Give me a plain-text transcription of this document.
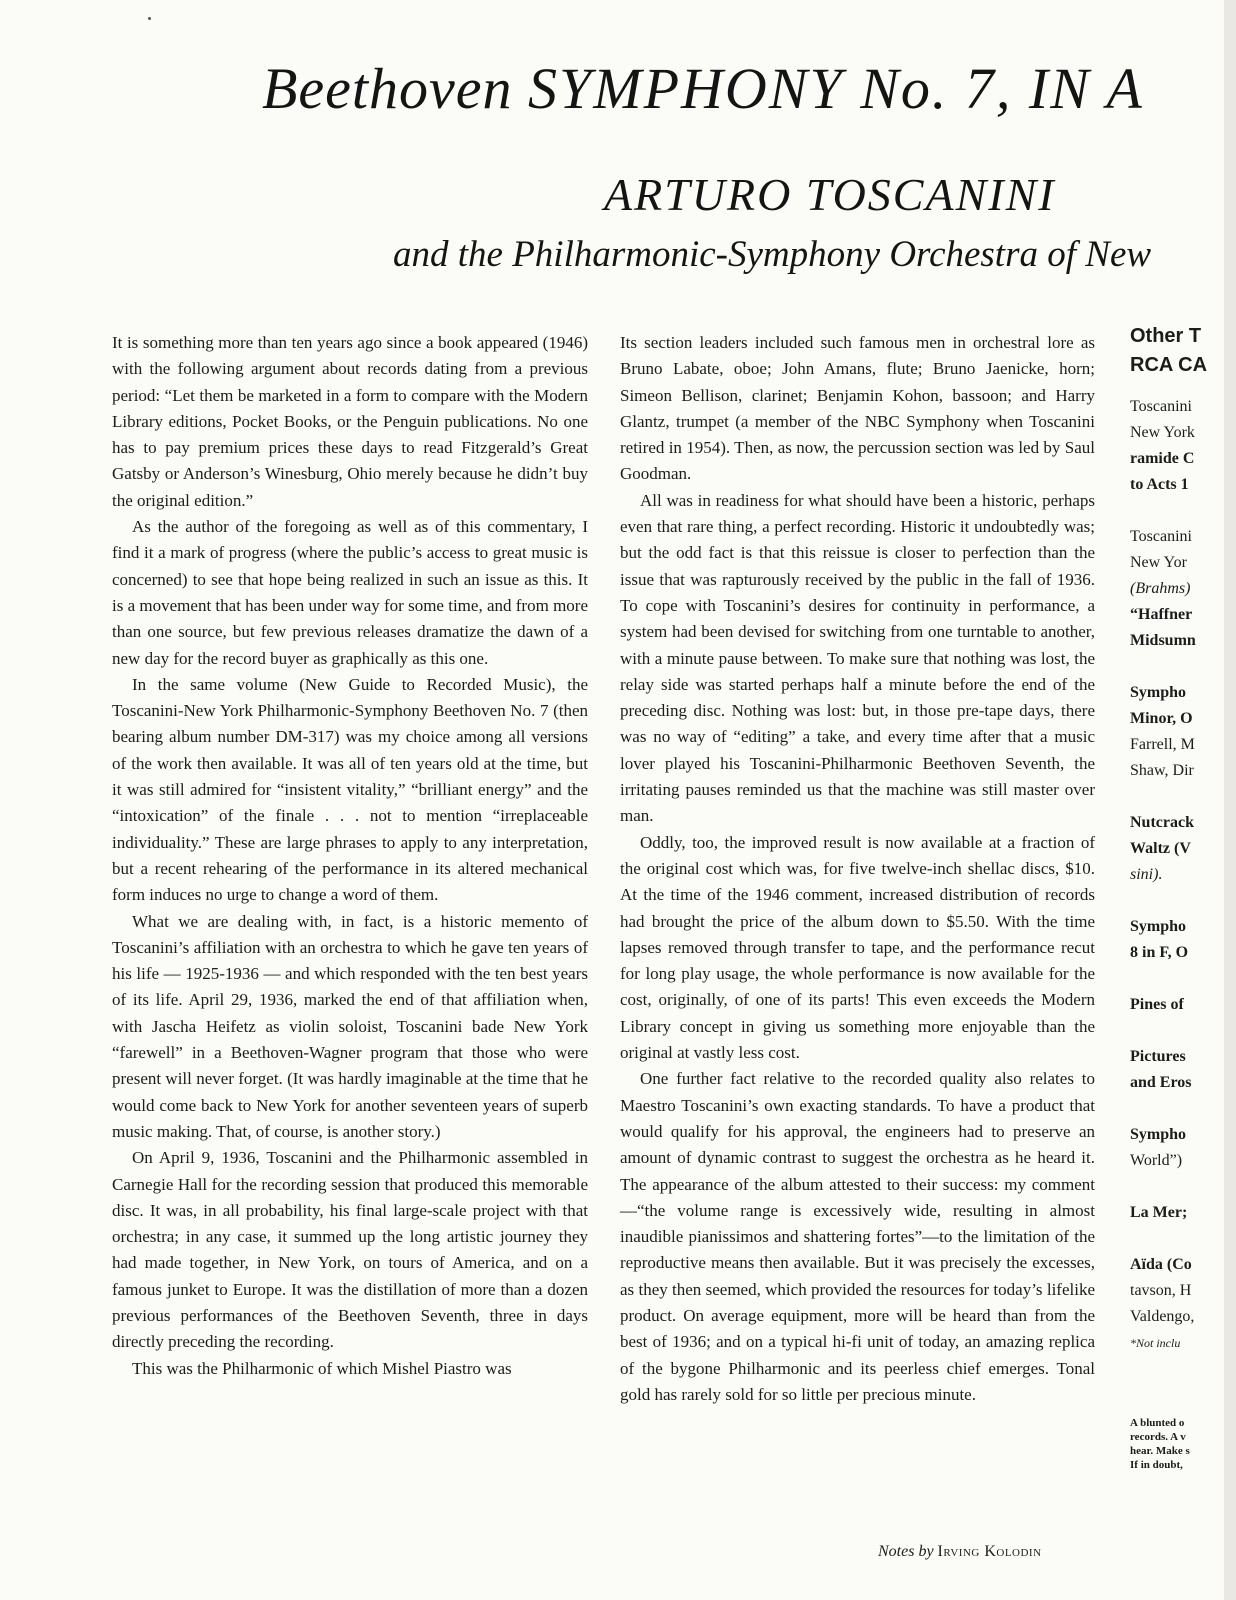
Beethoven SYMPHONY No. 7, IN A
ARTURO TOSCANINI
and the Philharmonic-Symphony Orchestra of New

It is something more than ten years ago since a book appeared (1946) with the following argument about records dating from a previous period: “Let them be marketed in a form to compare with the Modern Library editions, Pocket Books, or the Penguin publications. No one has to pay premium prices these days to read Fitzgerald’s Great Gatsby or Anderson’s Winesburg, Ohio merely because he didn’t buy the original edition.”

As the author of the foregoing as well as of this commentary, I find it a mark of progress (where the public’s access to great music is concerned) to see that hope being realized in such an issue as this. It is a movement that has been under way for some time, and from more than one source, but few previous releases dramatize the dawn of a new day for the record buyer as graphically as this one.

In the same volume (New Guide to Recorded Music), the Toscanini-New York Philharmonic-Symphony Beethoven No. 7 (then bearing album number DM-317) was my choice among all versions of the work then available. It was all of ten years old at the time, but it was still admired for “insistent vitality,” “brilliant energy” and the “intoxication” of the finale . . . not to mention “irreplaceable individuality.” These are large phrases to apply to any interpretation, but a recent rehearing of the performance in its altered mechanical form induces no urge to change a word of them.

What we are dealing with, in fact, is a historic memento of Toscanini’s affiliation with an orchestra to which he gave ten years of his life — 1925-1936 — and which responded with the ten best years of its life. April 29, 1936, marked the end of that affiliation when, with Jascha Heifetz as violin soloist, Toscanini bade New York “farewell” in a Beethoven-Wagner program that those who were present will never forget. (It was hardly imaginable at the time that he would come back to New York for another seventeen years of superb music making. That, of course, is another story.)

On April 9, 1936, Toscanini and the Philharmonic assembled in Carnegie Hall for the recording session that produced this memorable disc. It was, in all probability, his final large-scale project with that orchestra; in any case, it summed up the long artistic journey they had made together, in New York, on tours of America, and on a famous junket to Europe. It was the distillation of more than a dozen previous performances of the Beethoven Seventh, three in days directly preceding the recording.

This was the Philharmonic of which Mishel Piastro was

Its section leaders included such famous men in orchestral lore as Bruno Labate, oboe; John Amans, flute; Bruno Jaenicke, horn; Simeon Bellison, clarinet; Benjamin Kohon, bassoon; and Harry Glantz, trumpet (a member of the NBC Symphony when Toscanini retired in 1954). Then, as now, the percussion section was led by Saul Goodman.

All was in readiness for what should have been a historic, perhaps even that rare thing, a perfect recording. Historic it undoubtedly was; but the odd fact is that this reissue is closer to perfection than the issue that was rapturously received by the public in the fall of 1936. To cope with Toscanini’s desires for continuity in performance, a system had been devised for switching from one turntable to another, with a minute pause between. To make sure that nothing was lost, the relay side was started perhaps half a minute before the end of the preceding disc. Nothing was lost: but, in those pre-tape days, there was no way of “editing” a take, and every time after that a music lover played his Toscanini-Philharmonic Beethoven Seventh, the irritating pauses reminded us that the machine was still master over man.

Oddly, too, the improved result is now available at a fraction of the original cost which was, for five twelve-inch shellac discs, $10. At the time of the 1946 comment, increased distribution of records had brought the price of the album down to $5.50. With the time lapses removed through transfer to tape, and the performance recut for long play usage, the whole performance is now available for the cost, originally, of one of its parts! This even exceeds the Modern Library concept in giving us something more enjoyable than the original at vastly less cost.

One further fact relative to the recorded quality also relates to Maestro Toscanini’s own exacting standards. To have a product that would qualify for his approval, the engineers had to preserve an amount of dynamic contrast to suggest the orchestra as he heard it. The appearance of the album attested to their success: my comment—“the volume range is excessively wide, resulting in almost inaudible pianissimos and shattering fortes”—to the limitation of the reproductive means then available. But it was precisely the excesses, as they then seemed, which provided the resources for today’s lifelike product. On average equipment, more will be heard than from the best of 1936; and on a typical hi-fi unit of today, an amazing replica of the bygone Philharmonic and its peerless chief emerges. Tonal gold has rarely sold for so little per precious minute.

Notes by Irving Kolodin
Other T
RCA CA
Toscanini
New York
ramide C
to Acts 1
Toscanini
New Yor
(Brahms)
“Haffner
Midsumn
Sympho
Minor, O
Farrell, M
Shaw, Dir
Nutcrack
Waltz (V
sini).
Sympho
8 in F, O
Pines of
Pictures
and Eros
Sympho
World”)
La Mer;
Aïda (Co
tavson, H
Valdengo,
*Not inclu
A blunted o
records. A v
hear. Make s
If in doubt,
